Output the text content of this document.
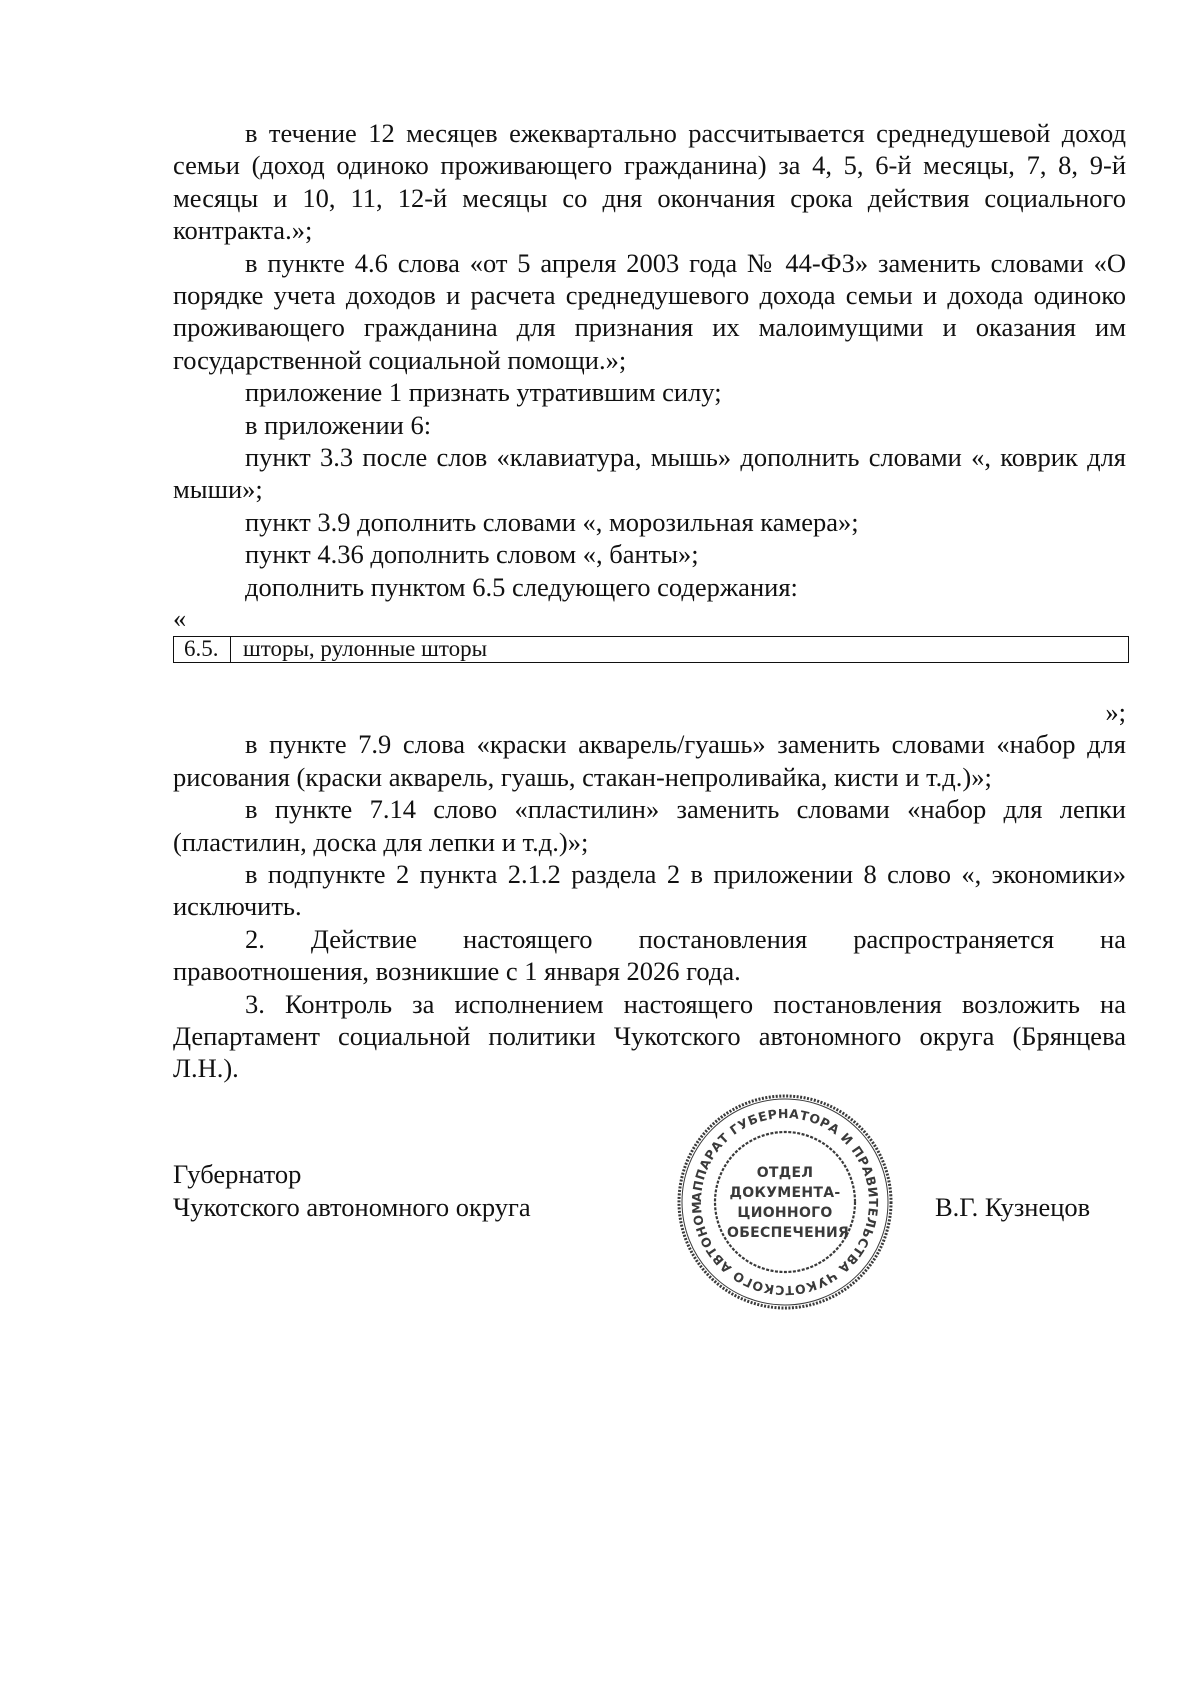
в течение 12 месяцев ежеквартально рассчитывается среднедушевой доход семьи (доход одиноко проживающего гражданина) за 4, 5, 6-й месяцы, 7, 8, 9-й месяцы и 10, 11, 12-й месяцы со дня окончания срока действия социального контракта.»;

в пункте 4.6 слова «от 5 апреля 2003 года № 44-ФЗ» заменить словами «О порядке учета доходов и расчета среднедушевого дохода семьи и дохода одиноко проживающего гражданина для признания их малоимущими и оказания им государственной социальной помощи.»;

приложение 1 признать утратившим силу;

в приложении 6:

пункт 3.3 после слов «клавиатура, мышь» дополнить словами «, коврик для мыши»;

пункт 3.9 дополнить словами «, морозильная камера»;

пункт 4.36 дополнить словом «, банты»;

дополнить пунктом 6.5 следующего содержания:

«
6.5.	шторы, рулонные шторы

»;

в пункте 7.9 слова «краски акварель/гуашь» заменить словами «набор для рисования (краски акварель, гуашь, стакан-непроливайка, кисти и т.д.)»;

в пункте 7.14 слово «пластилин» заменить словами «набор для лепки (пластилин, доска для лепки и т.д.)»;

в подпункте 2 пункта 2.1.2 раздела 2 в приложении 8 слово «, экономики» исключить.

2. Действие настоящего постановления распространяется на правоотношения, возникшие с 1 января 2026 года.

3. Контроль за исполнением настоящего постановления возложить на Департамент социальной политики Чукотского автономного округа (Брянцева Л.Н.).

Губернатор
Чукотского автономного округа	АППАРАТ ГУБЕРНАТОРА И ПРАВИТЕЛЬСТВА ЧУКОТСКОГО АВТОНОМ
ОТДЕЛ
ДОКУМЕНТА-
ЦИОННОГО
ОБЕСПЕЧЕНИЯ
В.Г. Кузнецов
